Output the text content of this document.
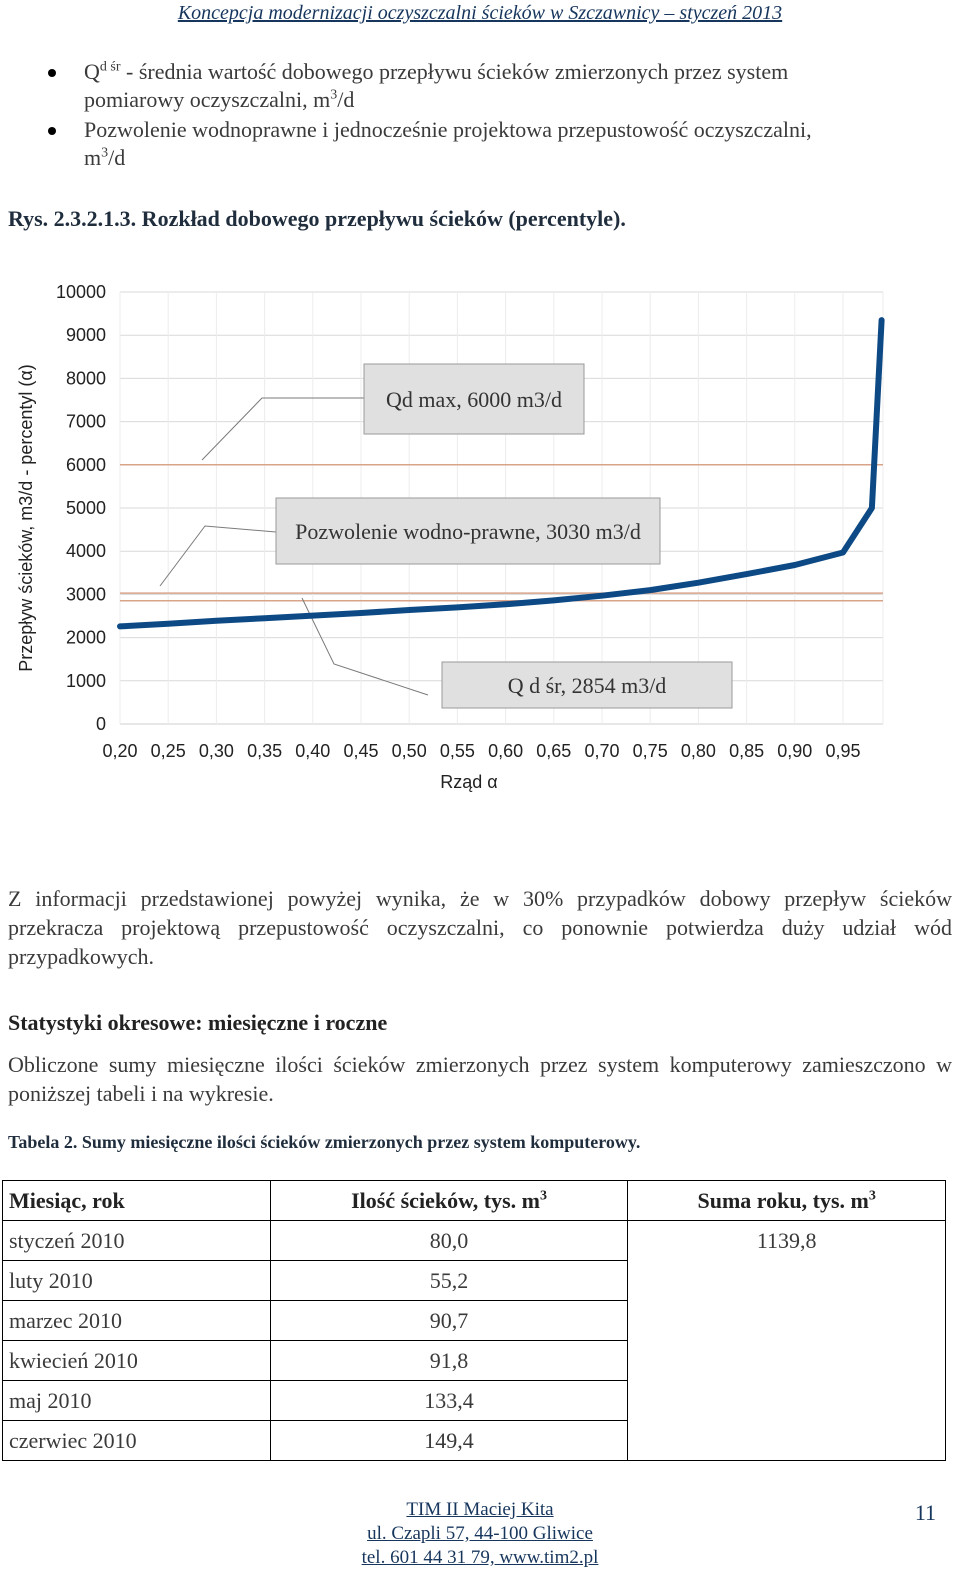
Koncepcja modernizacji oczyszczalni ścieków w Szczawnicy – styczeń 2013
$Q^{d śr}$ - średnia wartość dobowego przepływu ścieków zmierzonych przez system
pomiarowy oczyszczalni, $m^3/d$
Pozwolenie wodnoprawne i jednocześnie projektowa przepustowość oczyszczalni,
$m^3/d$
Rys. 2.3.2.1.3. Rozkład dobowego przepływu ścieków (percentyle).
0
1000
2000
3000
4000
5000
6000
7000
8000
9000
10000
0,20 0,25 0,30 0,35 0,40 0,45 0,50 0,55 0,60 0,65 0,70 0,75 0,80 0,85 0,90 0,95
Przepływ ścieków, m3/d - percentyl (α)
Rząd α
Qd max, 6000 m3/d
Pozwolenie wodno-prawne, 3030 m3/d
Q d śr, 2854 m3/d
Z informacji przedstawionej powyżej wynika, że w 30% przypadków dobowy przepływ ścieków przekracza projektową przepustowość oczyszczalni, co ponownie potwierdza duży udział wód przypadkowych.
Statystyki okresowe: miesięczne i roczne
Obliczone sumy miesięczne ilości ścieków zmierzonych przez system komputerowy zamieszczono w poniższej tabeli i na wykresie.
Tabela 2. Sumy miesięczne ilości ścieków zmierzonych przez system komputerowy.
Miesiąc, rok	Ilość ścieków, tys. $m^3$	Suma roku, tys. $m^3$
styczeń 2010	80,0	1139,8
luty 2010	55,2	
marzec 2010	90,7	
kwiecień 2010	91,8	
maj 2010	133,4	
czerwiec 2010	149,4	
TIM II Maciej Kita
ul. Czapli 57, 44-100 Gliwice
tel. 601 44 31 79, www.tim2.pl
11
